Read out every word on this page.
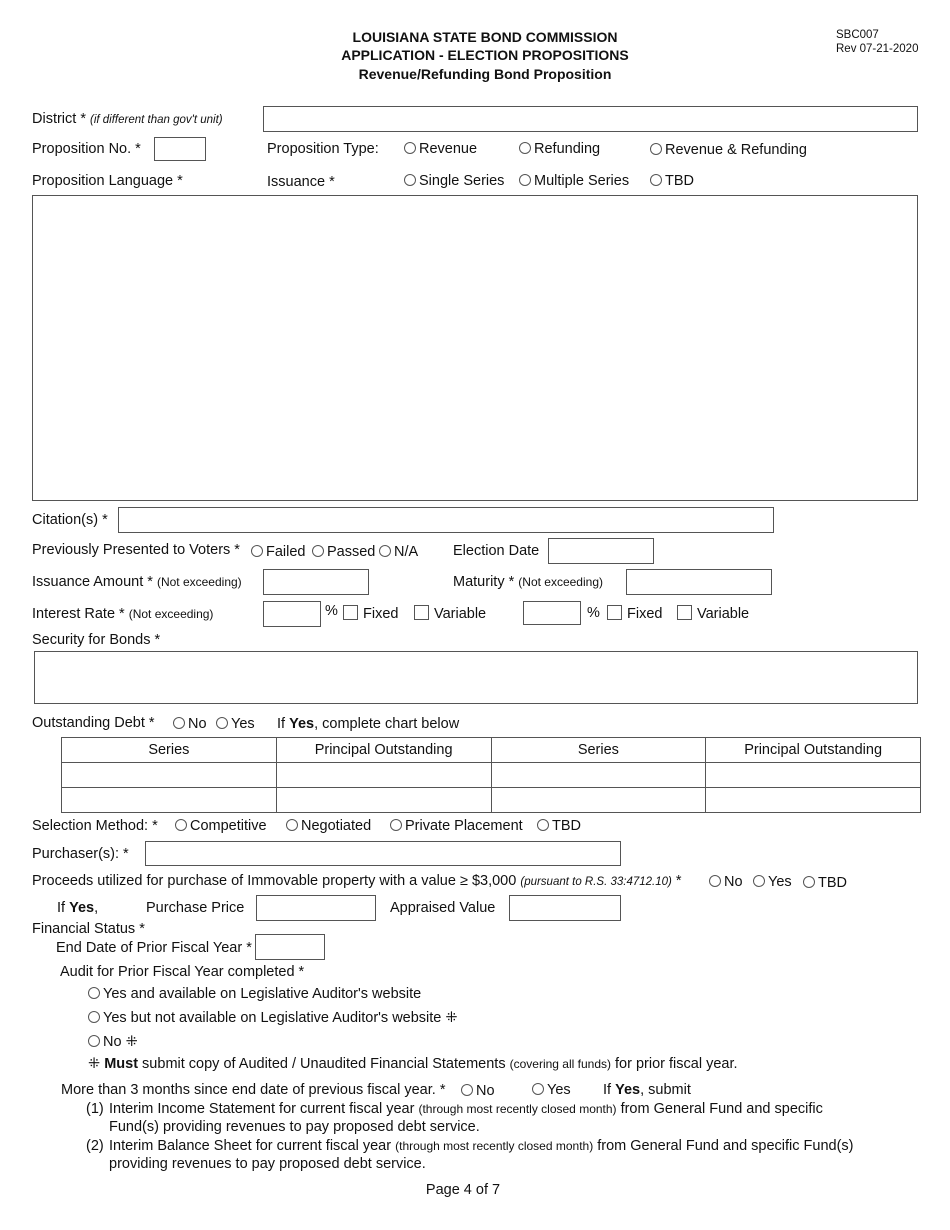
LOUISIANA STATE BOND COMMISSION
APPLICATION - ELECTION PROPOSITIONS
Revenue/Refunding Bond Proposition
SBC007
Rev 07-21-2020
District * (if different than gov't unit)
Proposition No. *	Proposition Type:	Revenue	Refunding	Revenue & Refunding
Proposition Language *	Issuance *	Single Series	Multiple Series	TBD
Citation(s) *
Previously Presented to Voters *	Failed	Passed	N/A Election Date
Issuance Amount * (Not exceeding)	Maturity * (Not exceeding)
Interest Rate * (Not exceeding)	%	Fixed	Variable	%	Fixed	Variable
Security for Bonds *
Outstanding Debt *	No	Yes If Yes, complete chart below
Series	Principal Outstanding	Series	Principal Outstanding

Selection Method: *	Competitive	Negotiated	Private Placement	TBD
Purchaser(s): *
Proceeds utilized for purchase of Immovable property with a value ≥ $3,000 (pursuant to R.S. 33:4712.10) *	No	Yes	TBD
If Yes,	Purchase Price	Appraised Value
Financial Status *
End Date of Prior Fiscal Year *
Audit for Prior Fiscal Year completed *
Yes and available on Legislative Auditor's website
Yes but not available on Legislative Auditor's website ⁜
No ⁜
⁜ Must submit copy of Audited / Unaudited Financial Statements (covering all funds) for prior fiscal year.
More than 3 months since end date of previous fiscal year. *	No	Yes If Yes, submit
(1) Interim Income Statement for current fiscal year (through most recently closed month) from General Fund and specific
Fund(s) providing revenues to pay proposed debt service.
(2) Interim Balance Sheet for current fiscal year (through most recently closed month) from General Fund and specific Fund(s)
providing revenues to pay proposed debt service.
Page 4 of 7
